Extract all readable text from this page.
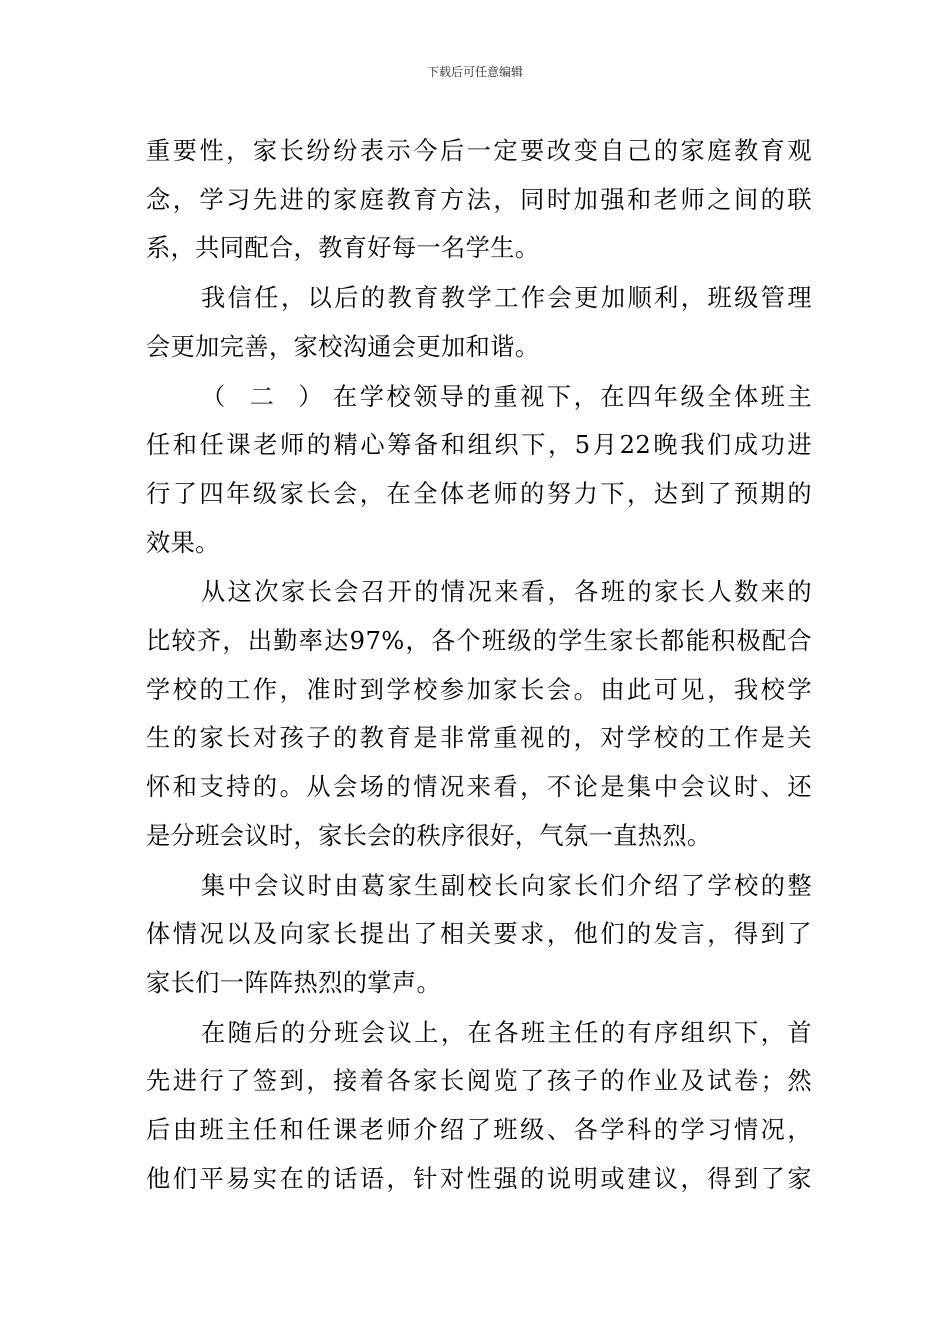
下载后可任意编辑
重要性，家长纷纷表示今后一定要改变自己的家庭教育观
念，学习先进的家庭教育方法，同时加强和老师之间的联
系，共同配合，教育好每一名学生。
我信任，以后的教育教学工作会更加顺利，班级管理
会更加完善，家校沟通会更加和谐。
（二） 在学校领导的重视下，在四年级全体班主
任和任课老师的精心筹备和组织下，5月22晚我们成功进
行了四年级家长会，在全体老师的努力下，达到了预期的
效果。
从这次家长会召开的情况来看，各班的家长人数来的
比较齐，出勤率达97%，各个班级的学生家长都能积极配合
学校的工作，准时到学校参加家长会。由此可见，我校学
生的家长对孩子的教育是非常重视的，对学校的工作是关
怀和支持的。从会场的情况来看，不论是集中会议时、还
是分班会议时，家长会的秩序很好，气氛一直热烈。
集中会议时由葛家生副校长向家长们介绍了学校的整
体情况以及向家长提出了相关要求，他们的发言，得到了
家长们一阵阵热烈的掌声。
在随后的分班会议上，在各班主任的有序组织下，首
先进行了签到，接着各家长阅览了孩子的作业及试卷；然
后由班主任和任课老师介绍了班级、各学科的学习情况，
他们平易实在的话语，针对性强的说明或建议，得到了家
